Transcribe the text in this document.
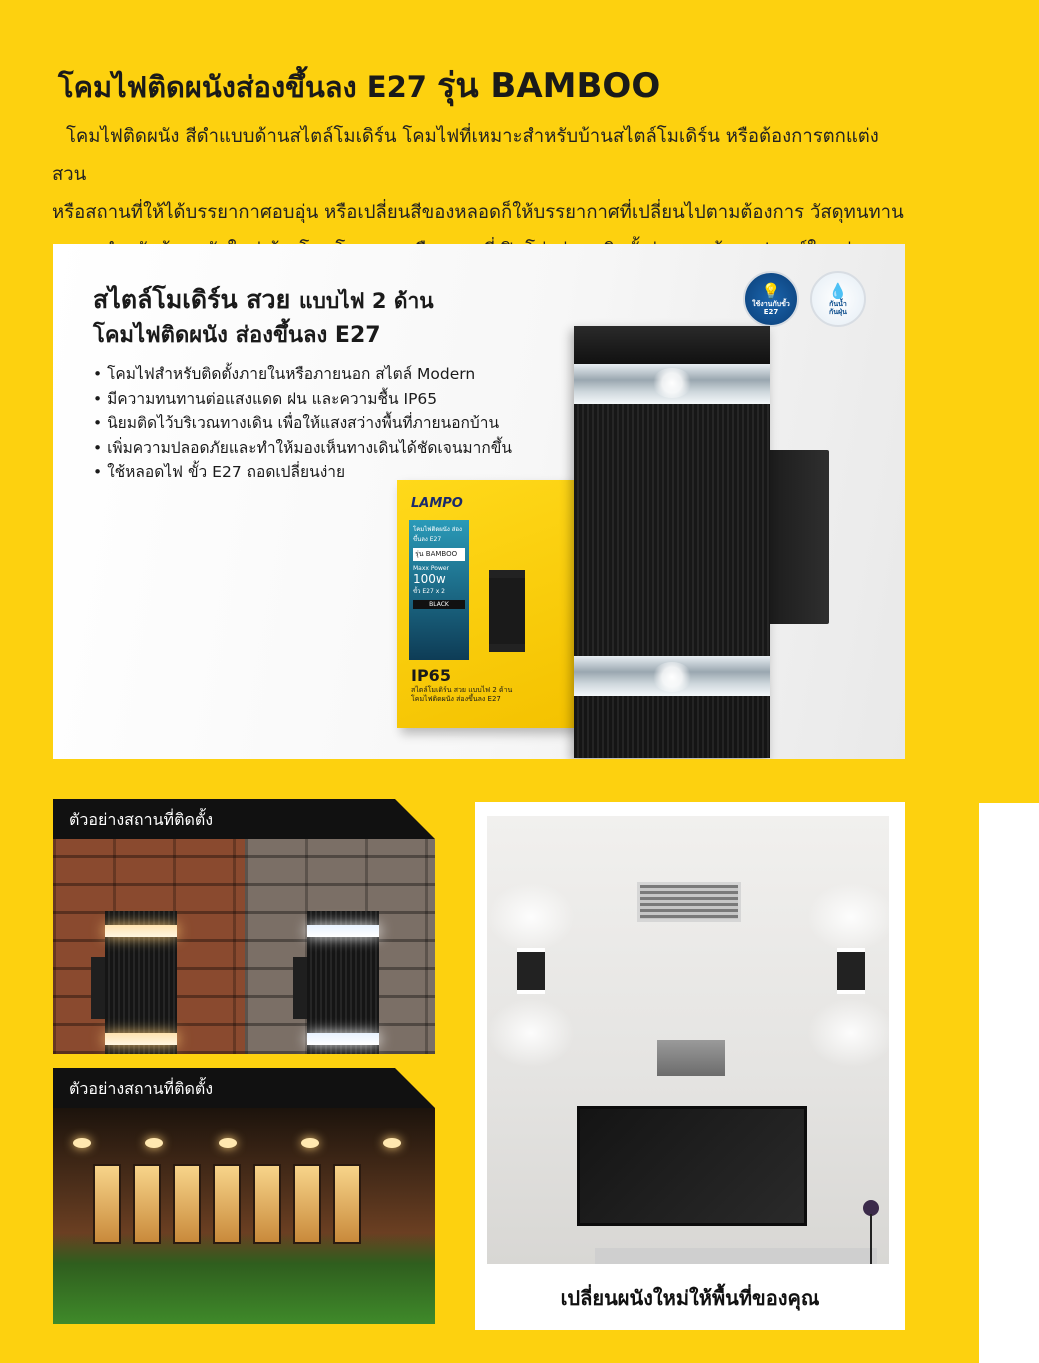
โคมไฟติดผนังส่องขึ้นลง E27 รุ่น BAMBOO

โคมไฟติดผนัง สีดำแบบด้านสไตล์โมเดิร์น โคมไฟที่เหมาะสำหรับบ้านสไตล์โมเดิร์น หรือต้องการตกแต่งสวน

หรือสถานที่ให้ได้บรรยากาศอบอุ่น หรือเปลี่ยนสีของหลอดก็ให้บรรยากาศที่เปลี่ยนไปตามต้องการ วัสดุทนทาน
สไตล์โมเดิร์น สวย แบบไฟ 2 ด้าน
โคมไฟติดผนัง ส่องขึ้นลง E27
• โคมไฟสำหรับติดตั้งภายในหรือภายนอก สไตล์ Modern
• มีความทนทานต่อแสงแดด ฝน และความชื้น IP65
• นิยมติดไว้บริเวณทางเดิน เพื่อให้แสงสว่างพื้นที่ภายนอกบ้าน
• เพิ่มความปลอดภัยและทำให้มองเห็นทางเดินได้ชัดเจนมากขึ้น
• ใช้หลอดไฟ ขั้ว E27 ถอดเปลี่ยนง่าย
💡
ใช้งานกับขั้ว E27
💧
กันน้ำ
กันฝุ่น
LAMPO
โคมไฟติดผนัง ส่องขึ้นลง E27
รุ่น BAMBOO
Maxx Power
100w
ขั้ว E27 x 2
BLACK
IP65
สไตล์โมเดิร์น สวย แบบไฟ 2 ด้าน
โคมไฟติดผนัง ส่องขึ้นลง E27
ตัวอย่างสถานที่ติดตั้ง
ตัวอย่างสถานที่ติดตั้ง
เปลี่ยนผนังใหม่ให้พื้นที่ของคุณ
